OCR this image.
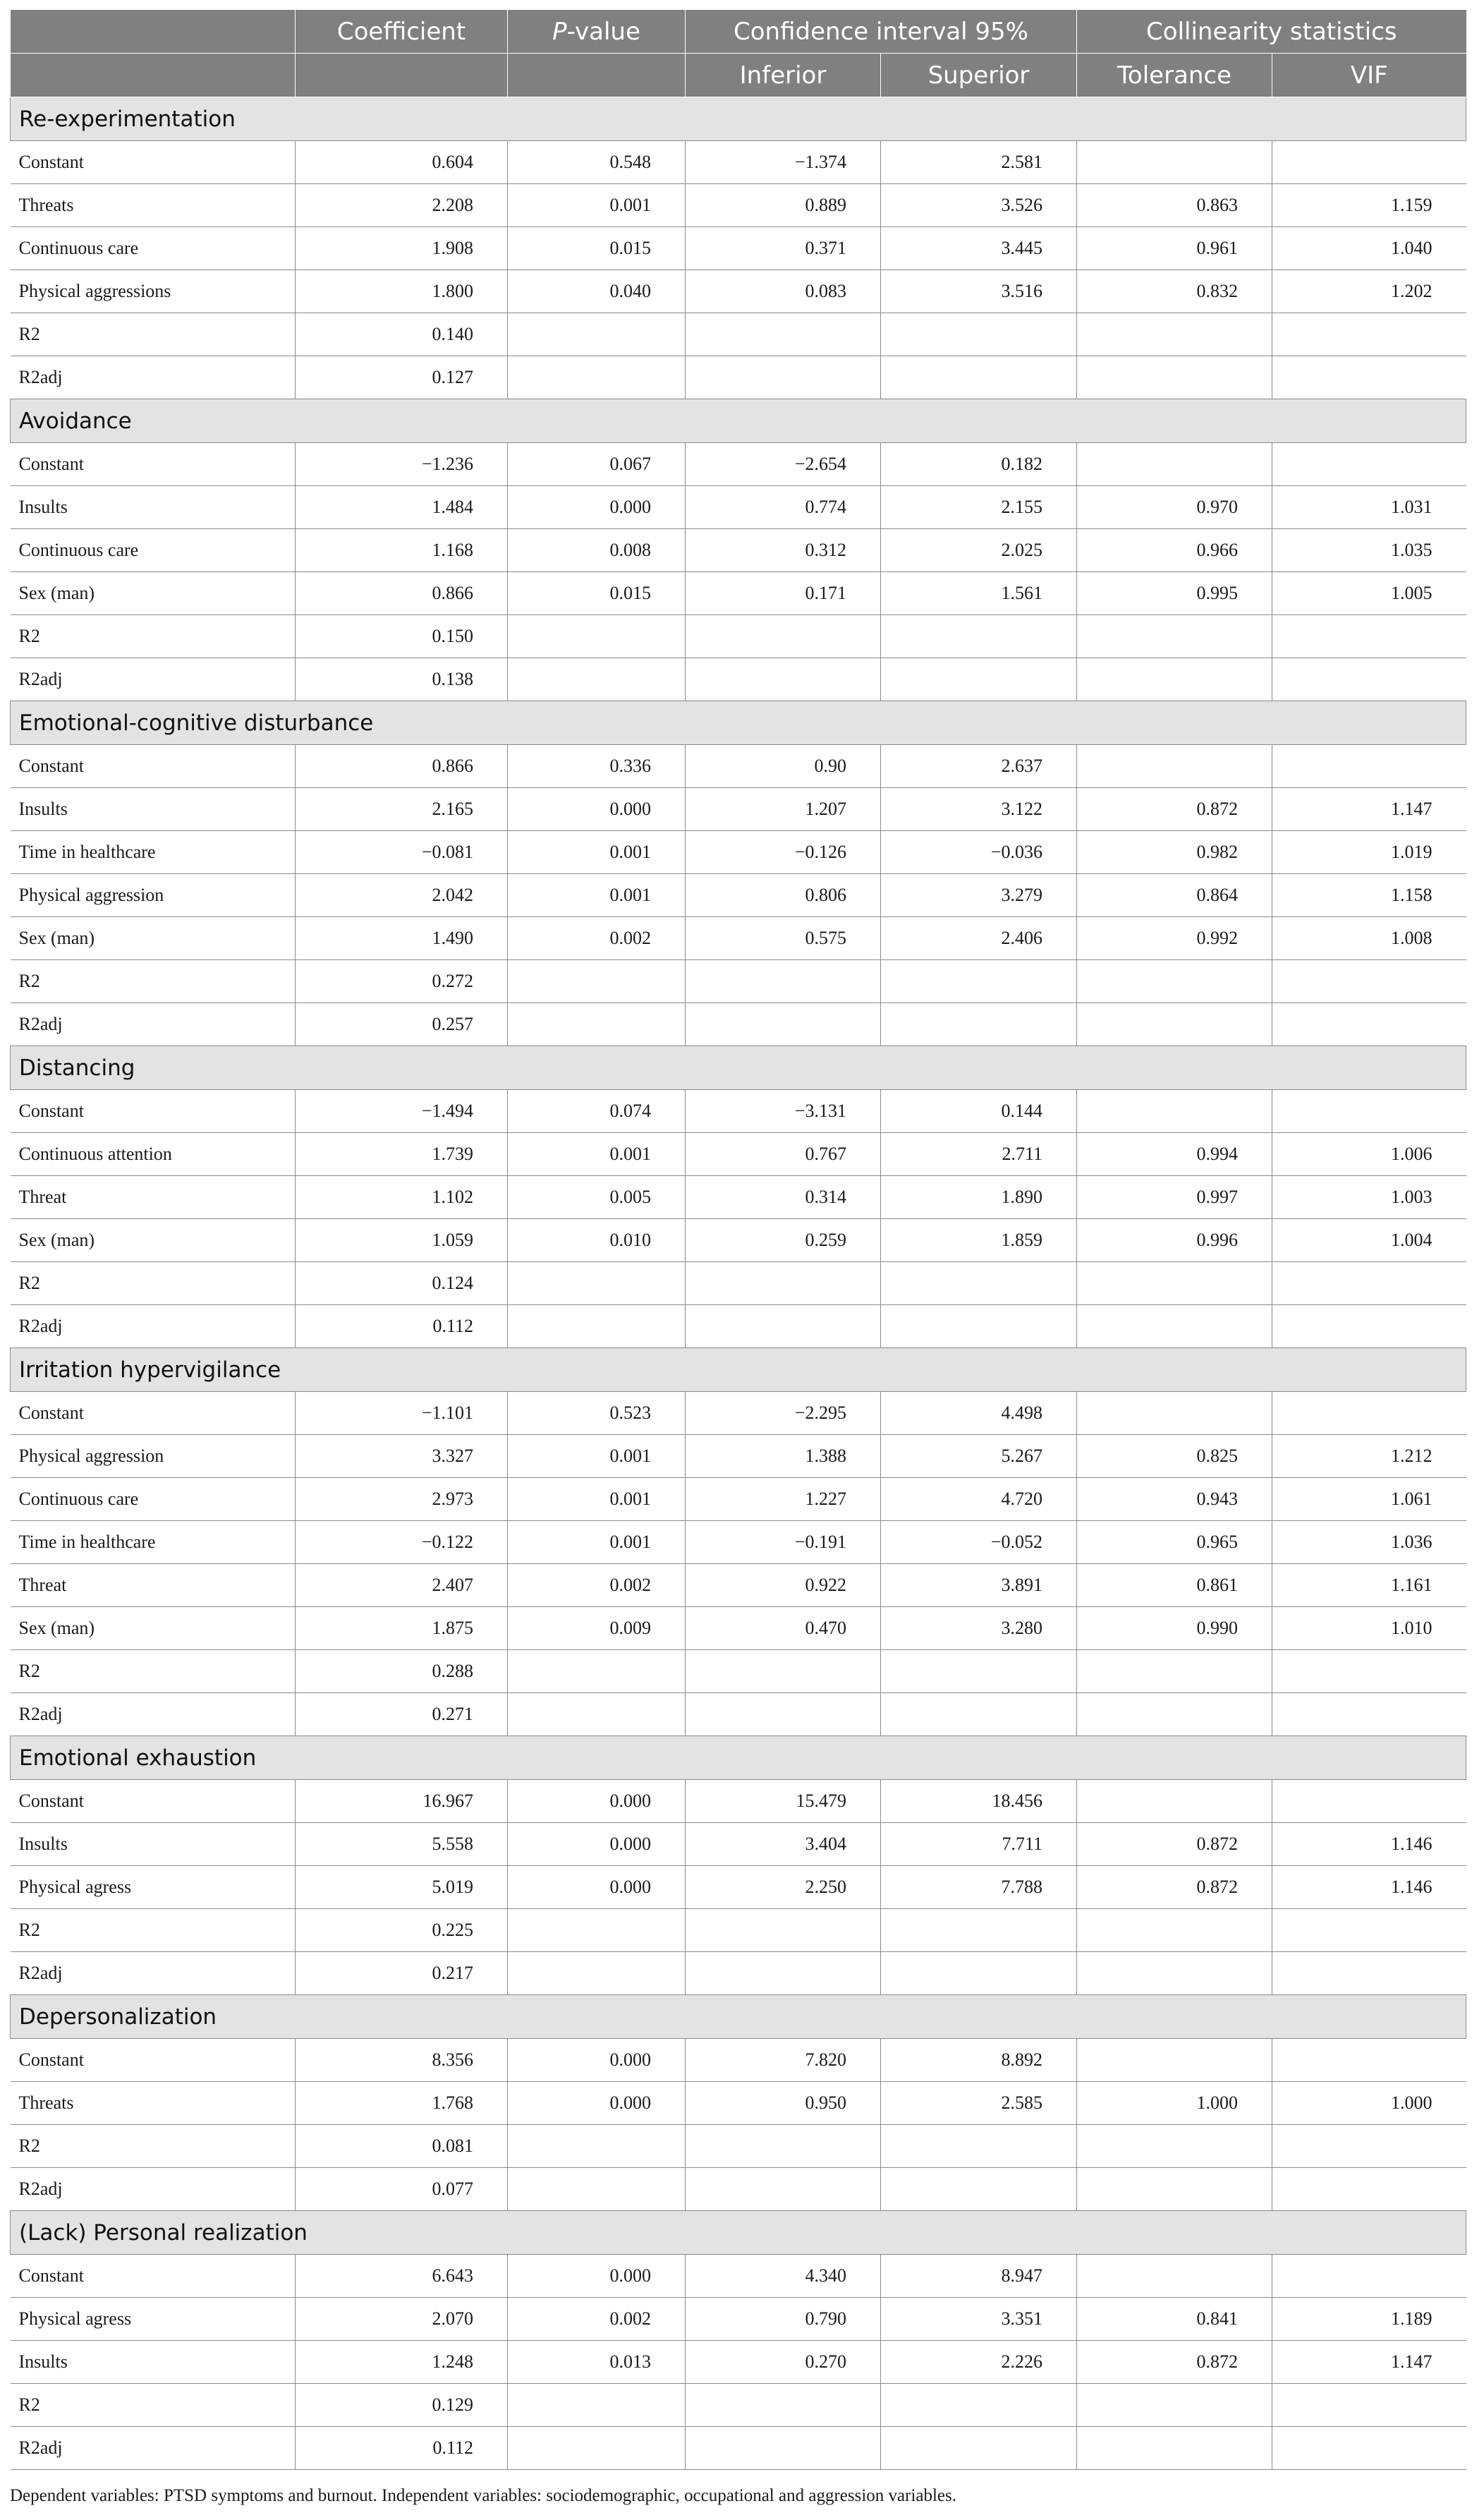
	Coefficient	P-value	Confidence interval 95%		Collinearity statistics	
			Inferior	Superior	Tolerance	VIF
Re-experimentation						
Constant	0.604	0.548	−1.374	2.581		
Threats	2.208	0.001	0.889	3.526	0.863	1.159
Continuous care	1.908	0.015	0.371	3.445	0.961	1.040
Physical aggressions	1.800	0.040	0.083	3.516	0.832	1.202
R2	0.140					
R2adj	0.127					
Avoidance						
Constant	−1.236	0.067	−2.654	0.182		
Insults	1.484	0.000	0.774	2.155	0.970	1.031
Continuous care	1.168	0.008	0.312	2.025	0.966	1.035
Sex (man)	0.866	0.015	0.171	1.561	0.995	1.005
R2	0.150					
R2adj	0.138					
Emotional-cognitive disturbance						
Constant	0.866	0.336	0.90	2.637		
Insults	2.165	0.000	1.207	3.122	0.872	1.147
Time in healthcare	−0.081	0.001	−0.126	−0.036	0.982	1.019
Physical aggression	2.042	0.001	0.806	3.279	0.864	1.158
Sex (man)	1.490	0.002	0.575	2.406	0.992	1.008
R2	0.272					
R2adj	0.257					
Distancing						
Constant	−1.494	0.074	−3.131	0.144		
Continuous attention	1.739	0.001	0.767	2.711	0.994	1.006
Threat	1.102	0.005	0.314	1.890	0.997	1.003
Sex (man)	1.059	0.010	0.259	1.859	0.996	1.004
R2	0.124					
R2adj	0.112					
Irritation hypervigilance						
Constant	−1.101	0.523	−2.295	4.498		
Physical aggression	3.327	0.001	1.388	5.267	0.825	1.212
Continuous care	2.973	0.001	1.227	4.720	0.943	1.061
Time in healthcare	−0.122	0.001	−0.191	−0.052	0.965	1.036
Threat	2.407	0.002	0.922	3.891	0.861	1.161
Sex (man)	1.875	0.009	0.470	3.280	0.990	1.010
R2	0.288					
R2adj	0.271					
Emotional exhaustion						
Constant	16.967	0.000	15.479	18.456		
Insults	5.558	0.000	3.404	7.711	0.872	1.146
Physical agress	5.019	0.000	2.250	7.788	0.872	1.146
R2	0.225					
R2adj	0.217					
Depersonalization						
Constant	8.356	0.000	7.820	8.892		
Threats	1.768	0.000	0.950	2.585	1.000	1.000
R2	0.081					
R2adj	0.077					
(Lack) Personal realization						
Constant	6.643	0.000	4.340	8.947		
Physical agress	2.070	0.002	0.790	3.351	0.841	1.189
Insults	1.248	0.013	0.270	2.226	0.872	1.147
R2	0.129					
R2adj	0.112					
Dependent variables: PTSD symptoms and burnout. Independent variables: sociodemographic, occupational and aggression variables.
